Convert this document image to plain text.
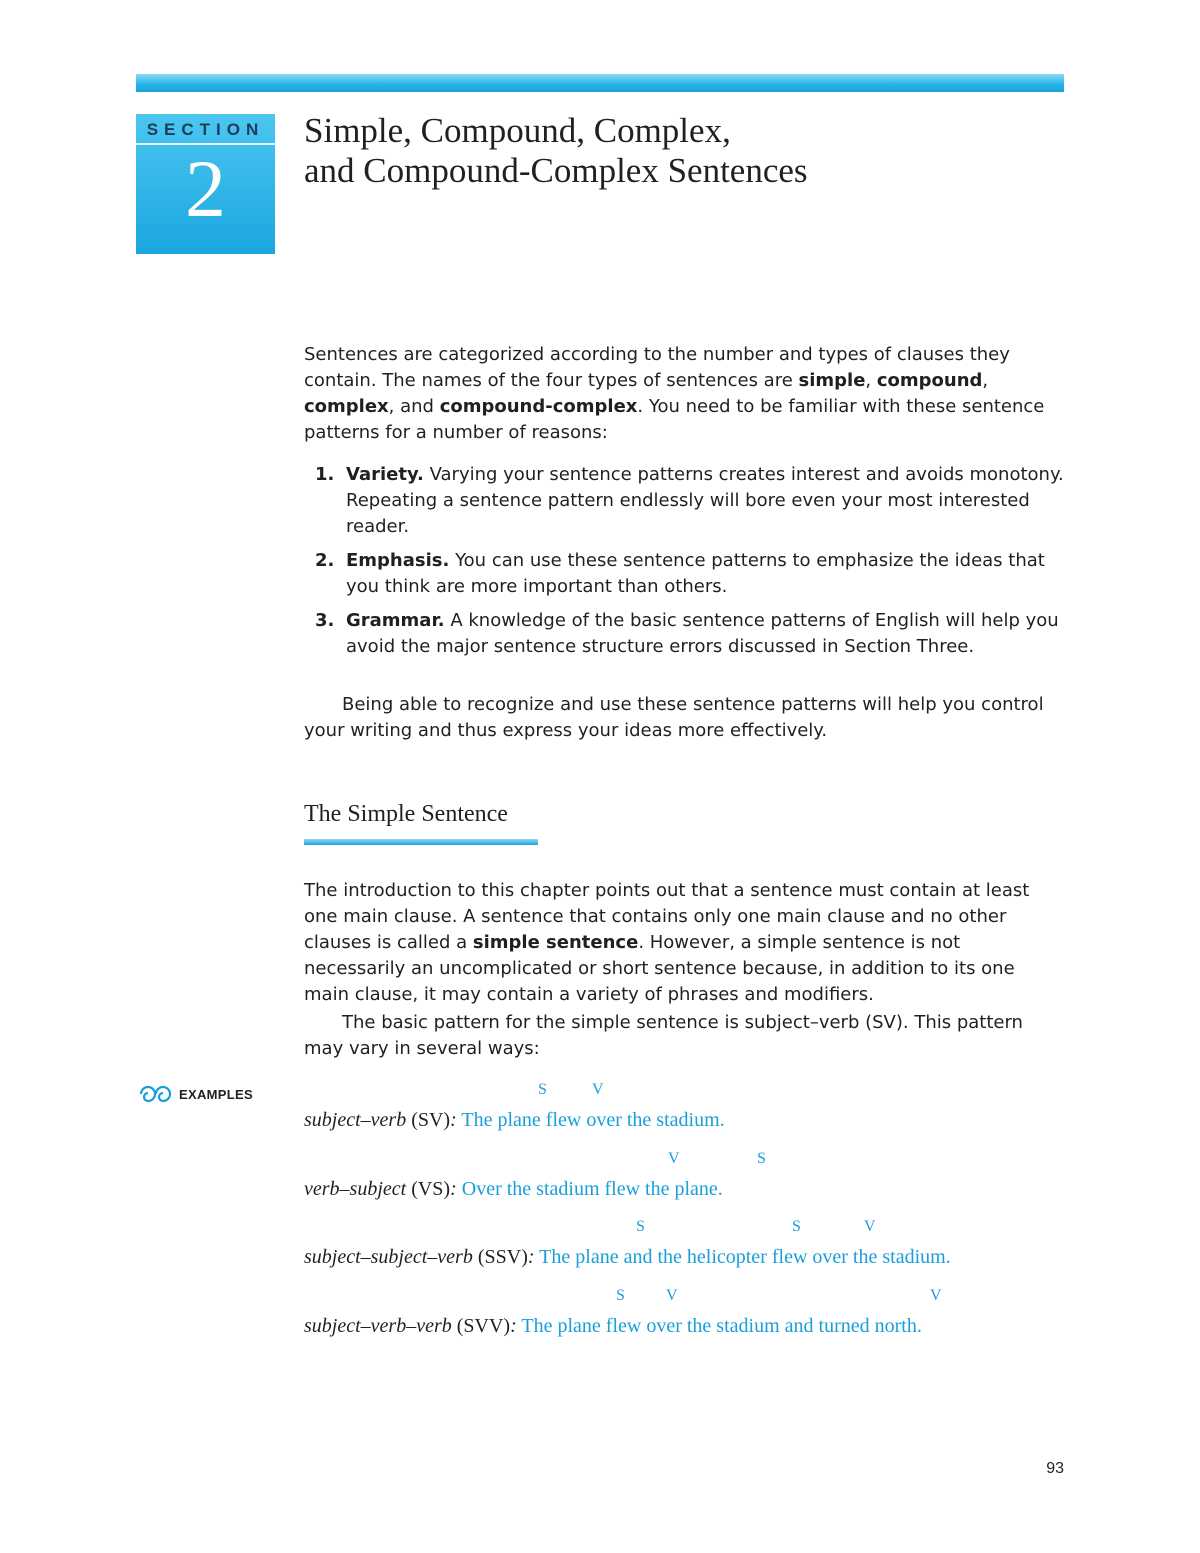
SECTION
2
Simple, Compound, Complex,
and Compound-Complex Sentences

Sentences are categorized according to the number and types of clauses they contain. The names of the four types of sentences are simple, compound, complex, and compound-complex. You need to be familiar with these sentence patterns for a number of reasons:

1. Variety. Varying your sentence patterns creates interest and avoids monotony. Repeating a sentence pattern endlessly will bore even your most interested reader.
2. Emphasis. You can use these sentence patterns to emphasize the ideas that you think are more important than others.
3. Grammar. A knowledge of the basic sentence patterns of English will help you avoid the major sentence structure errors discussed in Section Three.

Being able to recognize and use these sentence patterns will help you control your writing and thus express your ideas more effectively.

The Simple Sentence

The introduction to this chapter points out that a sentence must contain at least one main clause. A sentence that contains only one main clause and no other clauses is called a simple sentence. However, a simple sentence is not necessarily an uncomplicated or short sentence because, in addition to its one main clause, it may contain a variety of phrases and modifiers.

The basic pattern for the simple sentence is subject–verb (SV). This pattern may vary in several ways:

EXAMPLES	S	V
subject–verb (SV): The plane flew over the stadium.
V	S
verb–subject (VS): Over the stadium flew the plane.
S	S	V
subject–subject–verb (SSV): The plane and the helicopter flew over the stadium.
S	V	V
subject–verb–verb (SVV): The plane flew over the stadium and turned north.
93
